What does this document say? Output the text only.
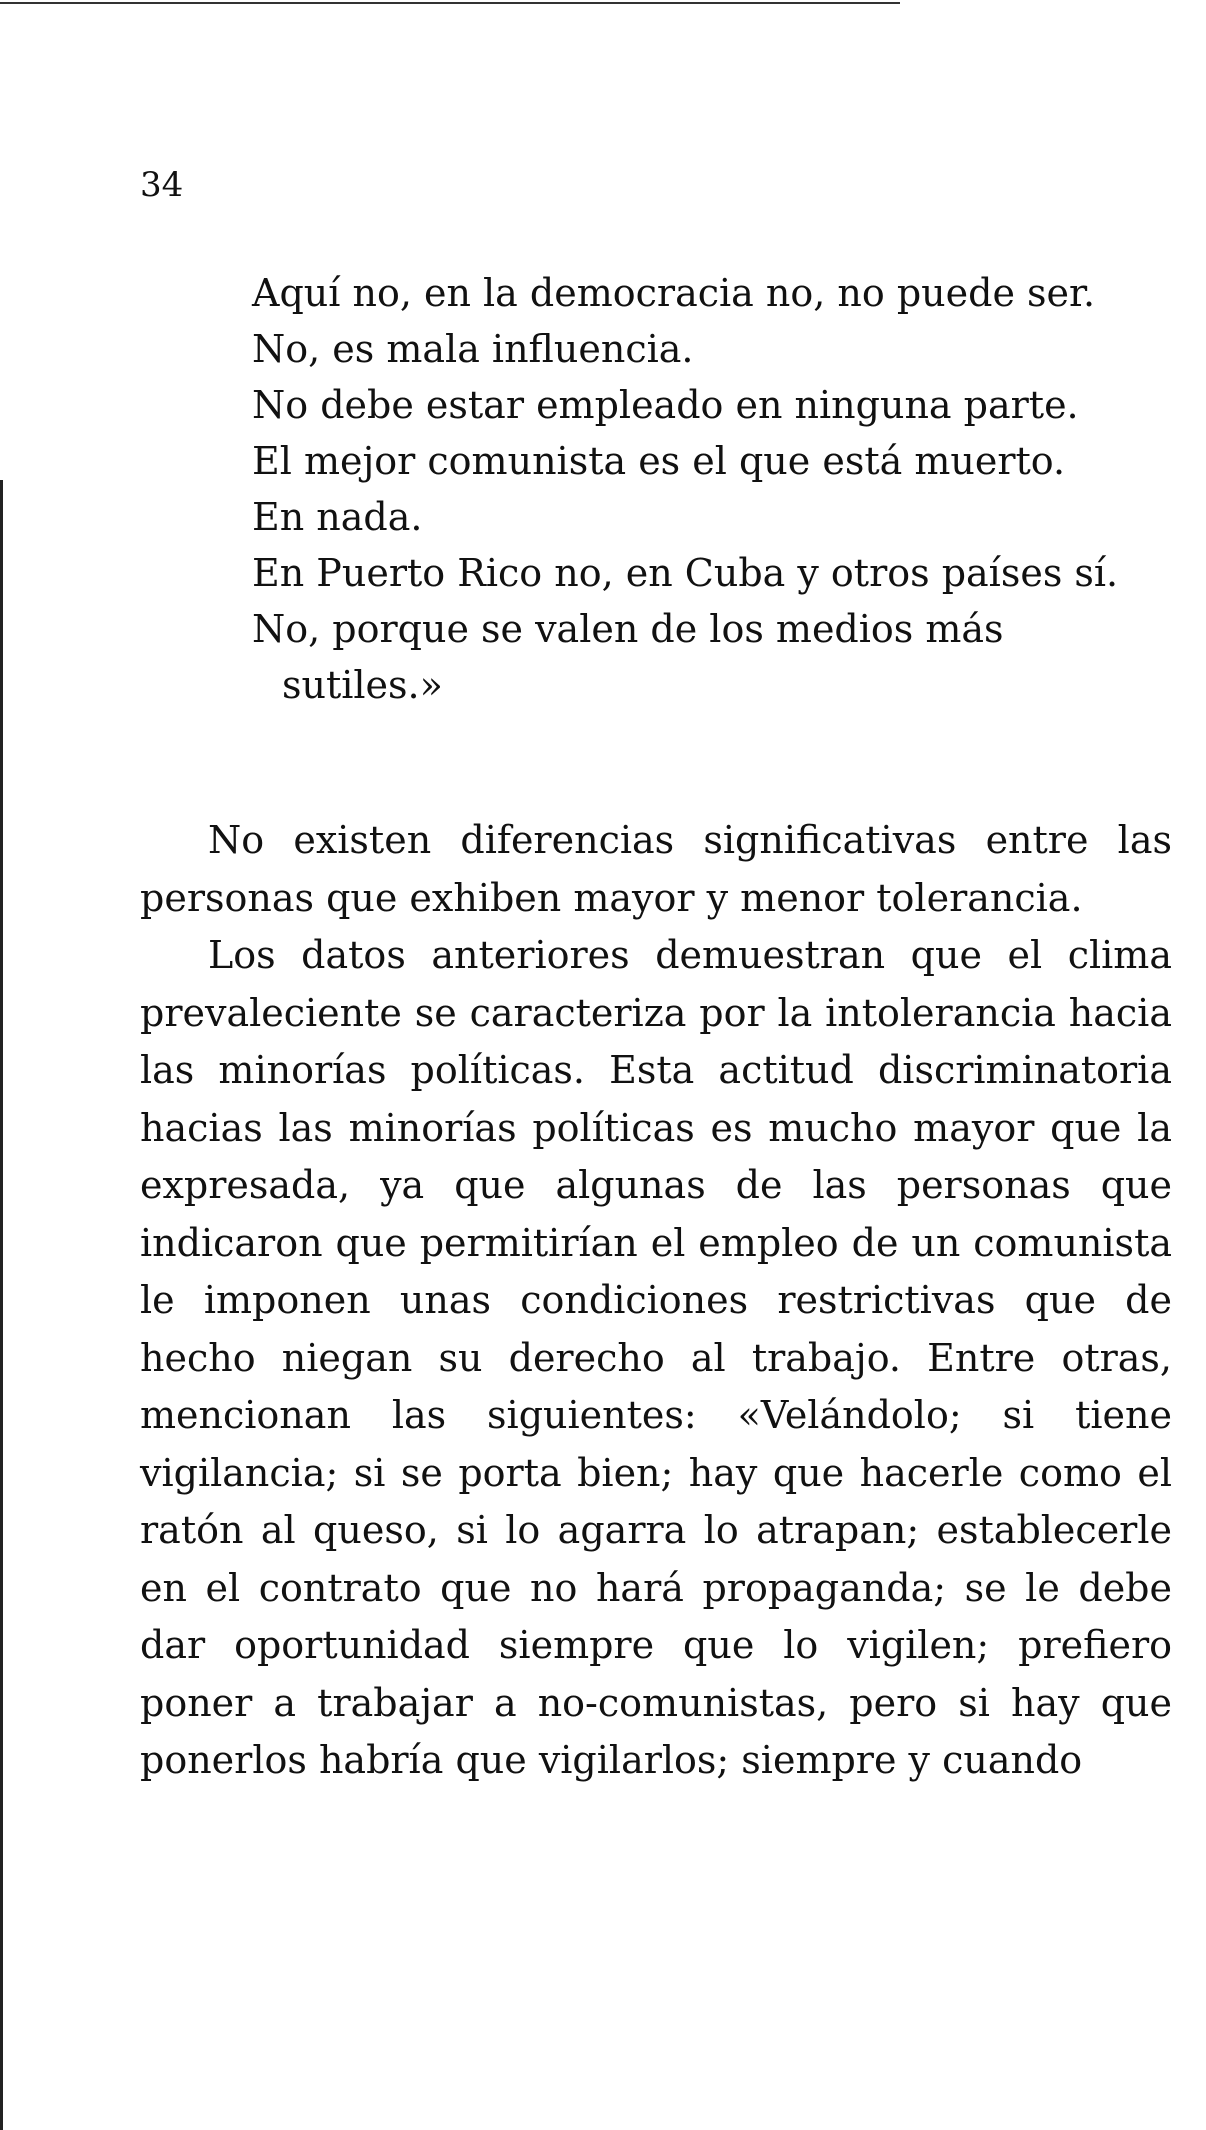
34

Aquí no, en la democracia no, no puede ser.

No, es mala influencia.

No debe estar empleado en ninguna parte.

El mejor comunista es el que está muerto.

En nada.

En Puerto Rico no, en Cuba y otros países sí.

No, porque se valen de los medios más sutiles.»

No existen diferencias significativas entre las personas que exhiben mayor y menor tolerancia.

Los datos anteriores demuestran que el clima prevaleciente se caracteriza por la intolerancia hacia las minorías políticas. Esta actitud discriminatoria hacias las minorías políticas es mucho mayor que la expresada, ya que algunas de las personas que indicaron que permitirían el empleo de un comunista le imponen unas condiciones restrictivas que de hecho niegan su derecho al trabajo. Entre otras, mencionan las siguientes: «Velándolo; si tiene vigilancia; si se porta bien; hay que hacerle como el ratón al queso, si lo agarra lo atrapan; establecerle en el contrato que no hará propaganda; se le debe dar oportunidad siempre que lo vigilen; prefiero poner a trabajar a no-comunistas, pero si hay que ponerlos habría que vigilarlos; siempre y cuando
